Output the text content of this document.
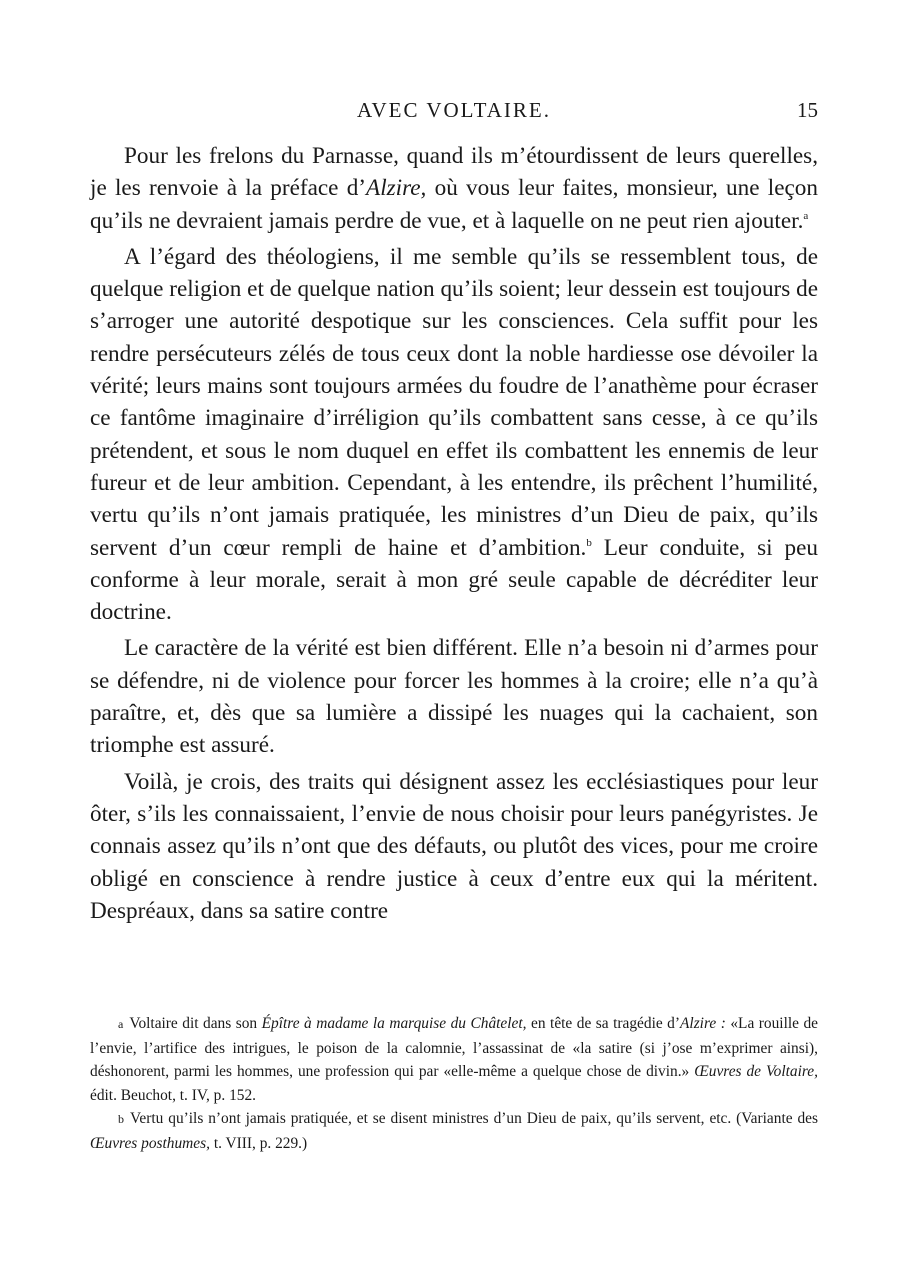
AVEC VOLTAIRE.	15

Pour les frelons du Parnasse, quand ils m’étourdissent de leurs querelles, je les renvoie à la préface d’Alzire, où vous leur faites, monsieur, une leçon qu’ils ne devraient jamais perdre de vue, et à laquelle on ne peut rien ajouter.$^a$

A l’égard des théologiens, il me semble qu’ils se ressemblent tous, de quelque religion et de quelque nation qu’ils soient; leur dessein est toujours de s’arroger une autorité despotique sur les consciences. Cela suffit pour les rendre persécuteurs zélés de tous ceux dont la noble hardiesse ose dévoiler la vérité; leurs mains sont toujours armées du foudre de l’anathème pour écraser ce fantôme imaginaire d’irréligion qu’ils combattent sans cesse, à ce qu’ils prétendent, et sous le nom duquel en effet ils combattent les ennemis de leur fureur et de leur ambition. Cependant, à les entendre, ils prêchent l’humilité, vertu qu’ils n’ont jamais pratiquée, les ministres d’un Dieu de paix, qu’ils servent d’un cœur rempli de haine et d’ambition.$^b$ Leur conduite, si peu conforme à leur morale, serait à mon gré seule capable de décréditer leur doctrine.

Le caractère de la vérité est bien différent. Elle n’a besoin ni d’armes pour se défendre, ni de violence pour forcer les hommes à la croire; elle n’a qu’à paraître, et, dès que sa lumière a dissipé les nuages qui la cachaient, son triomphe est assuré.

Voilà, je crois, des traits qui désignent assez les ecclésiastiques pour leur ôter, s’ils les connaissaient, l’envie de nous choisir pour leurs panégyristes. Je connais assez qu’ils n’ont que des défauts, ou plutôt des vices, pour me croire obligé en conscience à rendre justice à ceux d’entre eux qui la méritent. Despréaux, dans sa satire contre

a Voltaire dit dans son Épître à madame la marquise du Châtelet, en tête de sa tragédie d’Alzire : «La rouille de l’envie, l’artifice des intrigues, le poison de la calomnie, l’assassinat de «la satire (si j’ose m’exprimer ainsi), déshonorent, parmi les hommes, une profession qui par «elle-même a quelque chose de divin.» Œuvres de Voltaire, édit. Beuchot, t. IV, p. 152.

b Vertu qu’ils n’ont jamais pratiquée, et se disent ministres d’un Dieu de paix, qu’ils servent, etc. (Variante des Œuvres posthumes, t. VIII, p. 229.)
